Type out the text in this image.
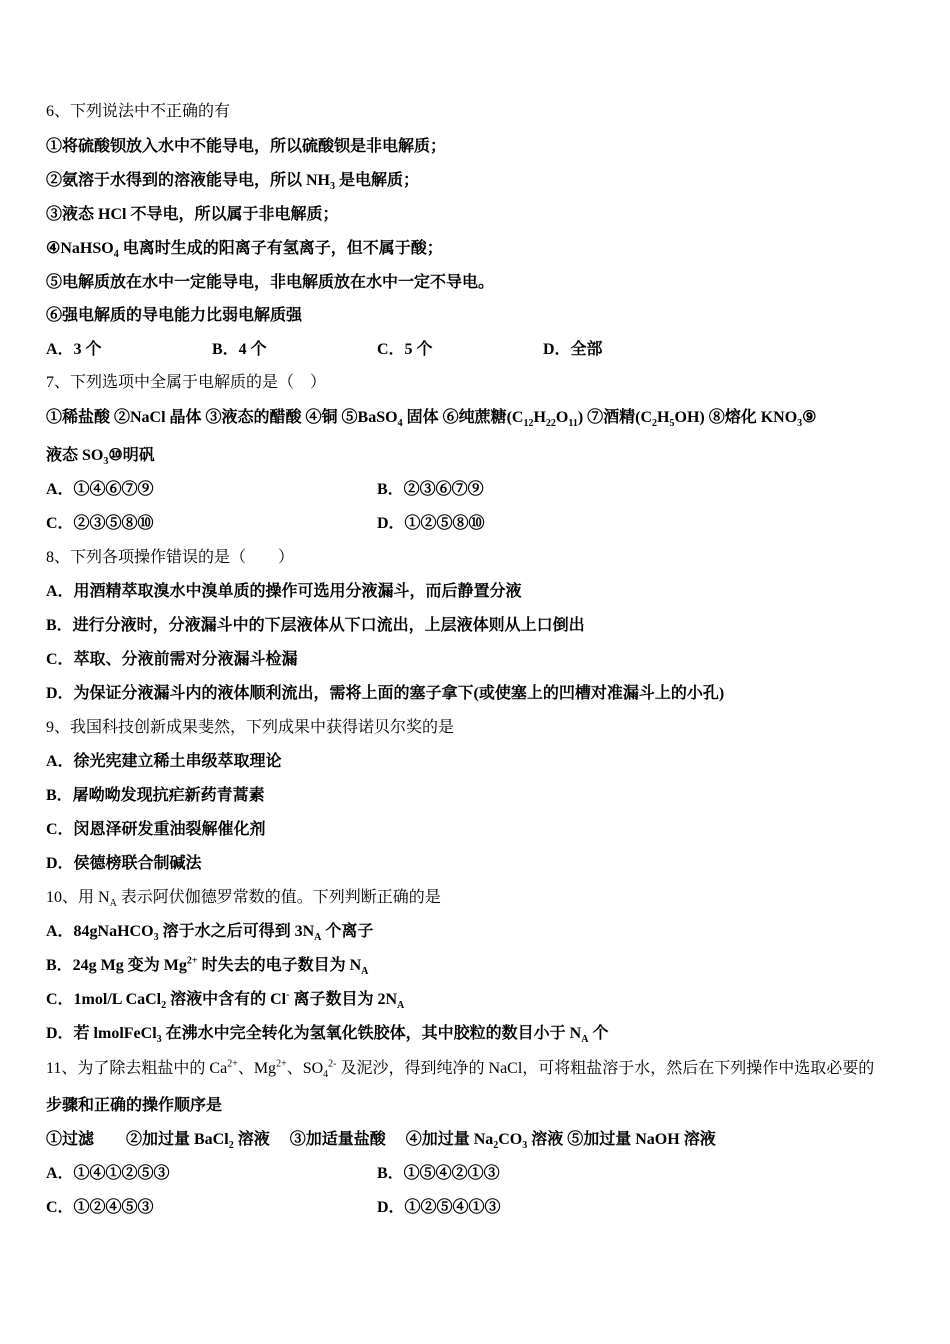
6、下列说法中不正确的有
①将硫酸钡放入水中不能导电，所以硫酸钡是非电解质；
②氨溶于水得到的溶液能导电，所以 $NH_3$ 是电解质；
③液态 HCl 不导电，所以属于非电解质；
④NaHSO$_4$ 电离时生成的阳离子有氢离子，但不属于酸；
⑤电解质放在水中一定能导电，非电解质放在水中一定不导电。
⑥强电解质的导电能力比弱电解质强
A．3 个	B．4 个	C．5 个	D．全部
7、下列选项中全属于电解质的是（　）
①稀盐酸 ②NaCl 晶体 ③液态的醋酸 ④铜 ⑤BaSO$_4$ 固体 ⑥纯蔗糖$(C_{12}H_{22}O_{11})$ ⑦酒精$(C_2H_5OH)$ ⑧熔化 $KNO_3⑨$
液态 $SO_3⑩$明矾
A．①④⑥⑦⑨	B．②③⑥⑦⑨
C．②③⑤⑧⑩	D．①②⑤⑧⑩
8、下列各项操作错误的是（　　）
A．用酒精萃取溴水中溴单质的操作可选用分液漏斗，而后静置分液
B．进行分液时，分液漏斗中的下层液体从下口流出，上层液体则从上口倒出
C．萃取、分液前需对分液漏斗检漏
D．为保证分液漏斗内的液体顺利流出，需将上面的塞子拿下(或使塞上的凹槽对准漏斗上的小孔)
9、我国科技创新成果斐然，下列成果中获得诺贝尔奖的是
A．徐光宪建立稀土串级萃取理论
B．屠呦呦发现抗疟新药青蒿素
C．闵恩泽研发重油裂解催化剂
D．侯德榜联合制碱法
10、用 $N_A$ 表示阿伏伽德罗常数的值。下列判断正确的是
A．84gNaHCO$_3$ 溶于水之后可得到 $3N_A$ 个离子
B．24g Mg 变为 $Mg^{2+}$ 时失去的电子数目为 $N_A$
C．1mol/L CaCl$_2$ 溶液中含有的 Cl- 离子数目为 $2N_A$
D．若 lmolFeCl$_3$ 在沸水中完全转化为氢氧化铁胶体，其中胶粒的数目小于 $N_A$ 个
11、为了除去粗盐中的 $Ca^{2+}$、$Mg^{2+}$、$SO_4^{2-}$ 及泥沙，得到纯净的 NaCl，可将粗盐溶于水，然后在下列操作中选取必要的
步骤和正确的操作顺序是
①过滤　　②加过量 BaCl$_2$ 溶液　 ③加适量盐酸　 ④加过量 $Na_2CO_3$ 溶液 ⑤加过量 NaOH 溶液
A．①④①②⑤③	B．①⑤④②①③
C．①②④⑤③	D．①②⑤④①③
